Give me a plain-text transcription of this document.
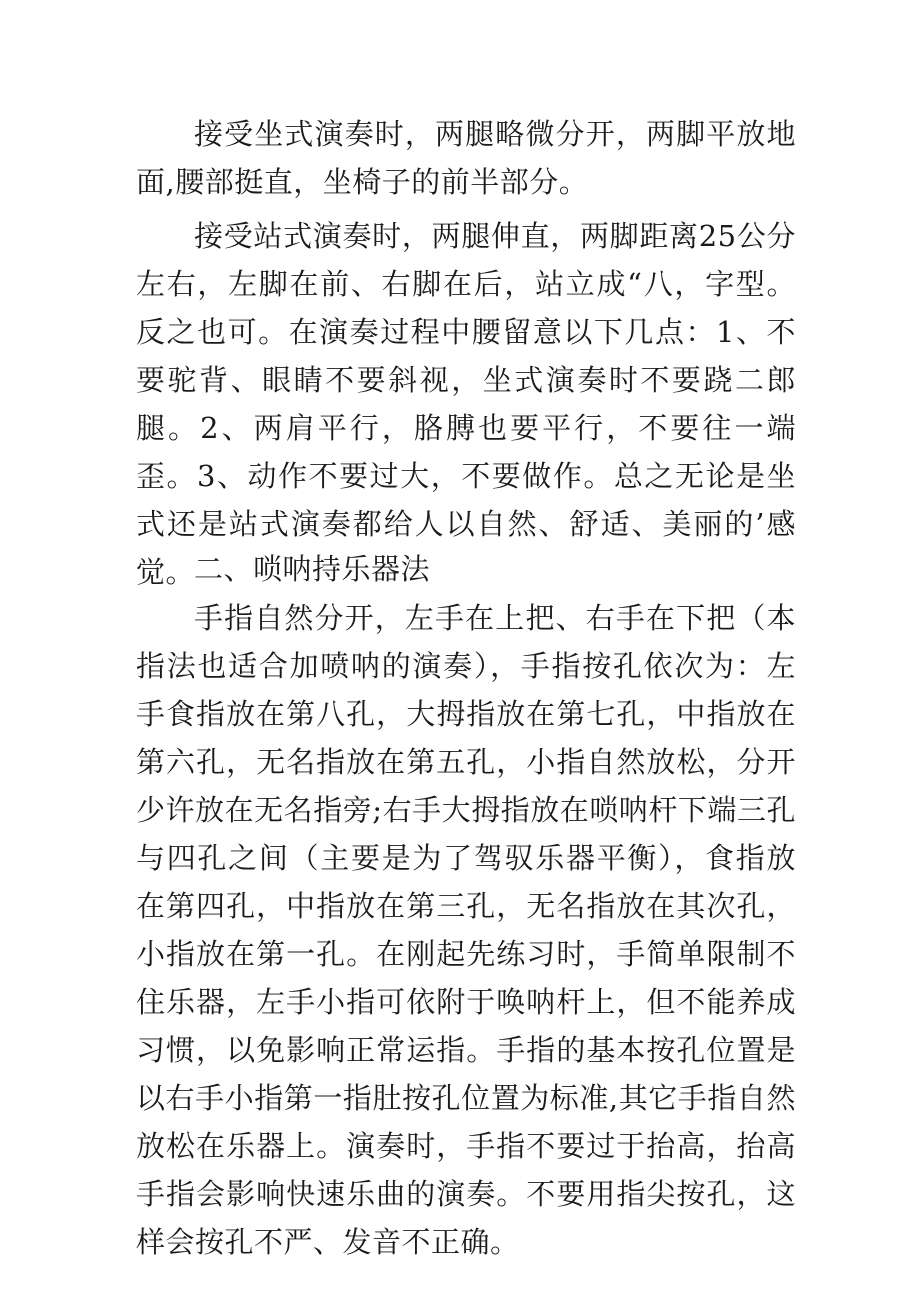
接受坐式演奏时，两腿略微分开，两脚平放地面,腰部挺直，坐椅子的前半部分。

接受站式演奏时，两腿伸直，两脚距离25公分左右，左脚在前、右脚在后，站立成“八，字型。反之也可。在演奏过程中腰留意以下几点：1、不要驼背、眼睛不要斜视，坐式演奏时不要跷二郎腿。2、两肩平行，胳膊也要平行，不要往一端歪。3、动作不要过大，不要做作。总之无论是坐式还是站式演奏都给人以自然、舒适、美丽的’感觉。

二、唢呐持乐器法

手指自然分开，左手在上把、右手在下把（本指法也适合加喷呐的演奏），手指按孔依次为：左手食指放在第八孔，大拇指放在第七孔，中指放在第六孔，无名指放在第五孔，小指自然放松，分开少许放在无名指旁;右手大拇指放在唢呐杆下端三孔与四孔之间（主要是为了驾驭乐器平衡），食指放在第四孔，中指放在第三孔，无名指放在其次孔，小指放在第一孔。在刚起先练习时，手简单限制不住乐器，左手小指可依附于唤呐杆上，但不能养成习惯，以免影响正常运指。手指的基本按孔位置是以右手小指第一指肚按孔位置为标准,其它手指自然放松在乐器上。演奏时，手指不要过于抬高，抬高手指会影响快速乐曲的演奏。不要用指尖按孔，这样会按孔不严、发音不正确。
